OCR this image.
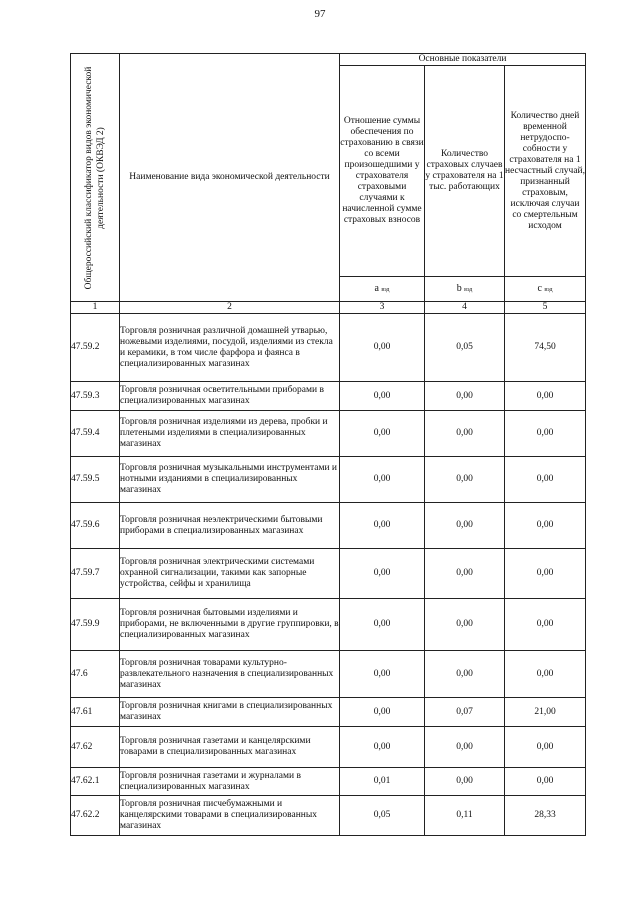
97
Общероссийский классификатор видов экономической деятельности (ОКВЭД 2)	Наименование вида экономической деятельности	Основные показатели		
		Отношение суммы обеспечения по страхованию в связи со всеми произошедшими у страхователя страховыми случаями к начисленной сумме страховых взносов	Количество страховых случаев у страхователя на 1 тыс. работающих	Количество дней временной нетрудоспо- собности у страхователя на 1 несчастный случай, признанный страховым, исключая случаи со смертельным исходом
		a вэд	b вэд	c вэд
1	2	3	4	5
47.59.2	Торговля розничная различной домашней утварью, ножевыми изделиями, посудой, изделиями из стекла и керамики, в том числе фарфора и фаянса в специализированных магазинах	0,00	0,05	74,50
47.59.3	Торговля розничная осветительными приборами в специализированных магазинах	0,00	0,00	0,00
47.59.4	Торговля розничная изделиями из дерева, пробки и плетеными изделиями в специализированных магазинах	0,00	0,00	0,00
47.59.5	Торговля розничная музыкальными инструментами и нотными изданиями в специализированных магазинах	0,00	0,00	0,00
47.59.6	Торговля розничная неэлектрическими бытовыми приборами в специализированных магазинах	0,00	0,00	0,00
47.59.7	Торговля розничная электрическими системами охранной сигнализации, такими как запорные устройства, сейфы и хранилища	0,00	0,00	0,00
47.59.9	Торговля розничная бытовыми изделиями и приборами, не включенными в другие группировки, в специализированных магазинах	0,00	0,00	0,00
47.6	Торговля розничная товарами культурно-развлекательного назначения в специализированных магазинах	0,00	0,00	0,00
47.61	Торговля розничная книгами в специализированных магазинах	0,00	0,07	21,00
47.62	Торговля розничная газетами и канцелярскими товарами в специализированных магазинах	0,00	0,00	0,00
47.62.1	Торговля розничная газетами и журналами в специализированных магазинах	0,01	0,00	0,00
47.62.2	Торговля розничная писчебумажными и канцелярскими товарами в специализированных магазинах	0,05	0,11	28,33
